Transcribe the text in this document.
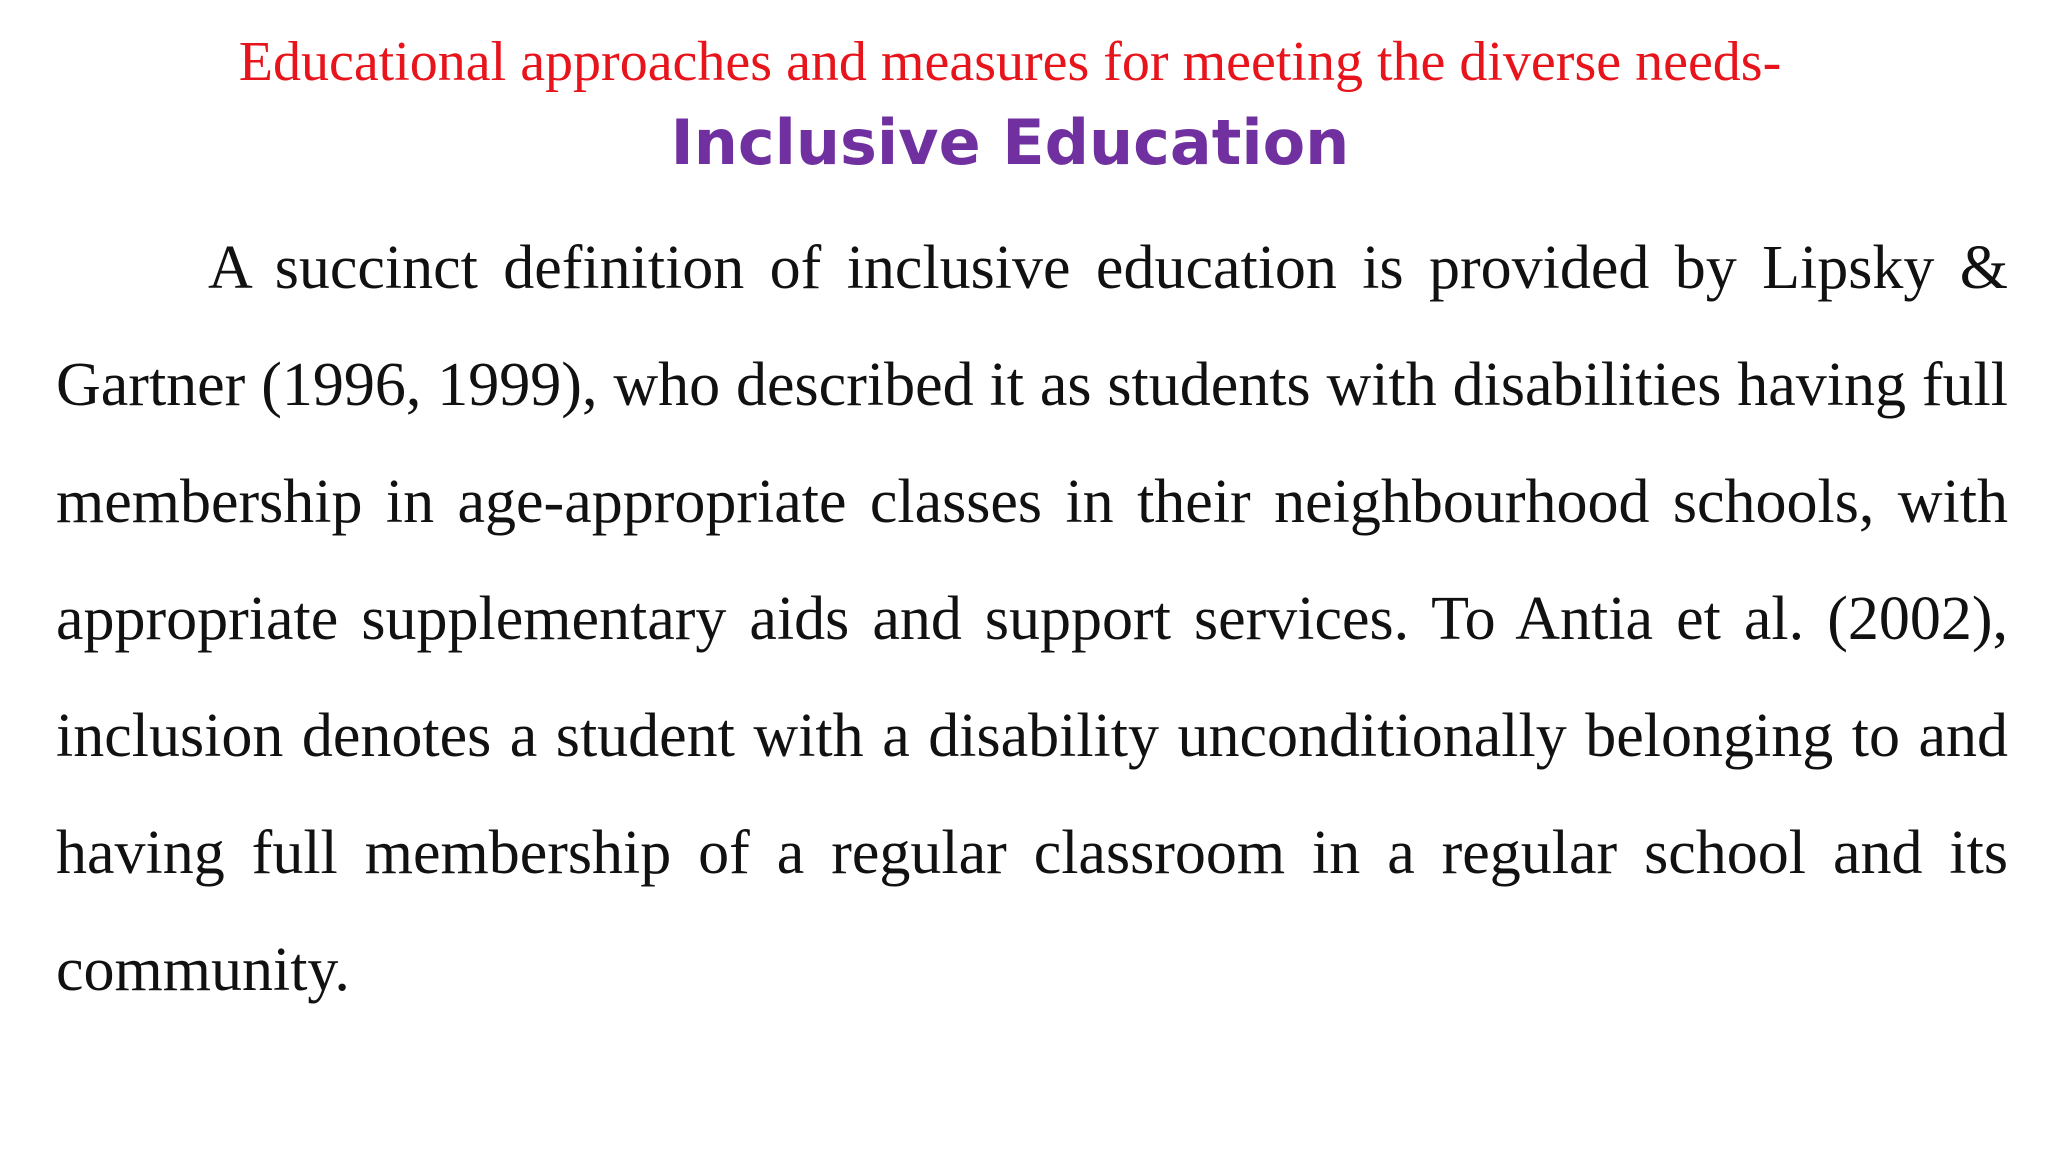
Educational approaches and measures for meeting the diverse needs-
Inclusive Education

A succinct definition of inclusive education is provided by Lipsky & Gartner (1996, 1999), who described it as students with disabilities having full membership in age-appropriate classes in their neighbourhood schools, with appropriate supplementary aids and support services. To Antia et al. (2002), inclusion denotes a student with a disability unconditionally belonging to and having full membership of a regular classroom in a regular school and its community.
